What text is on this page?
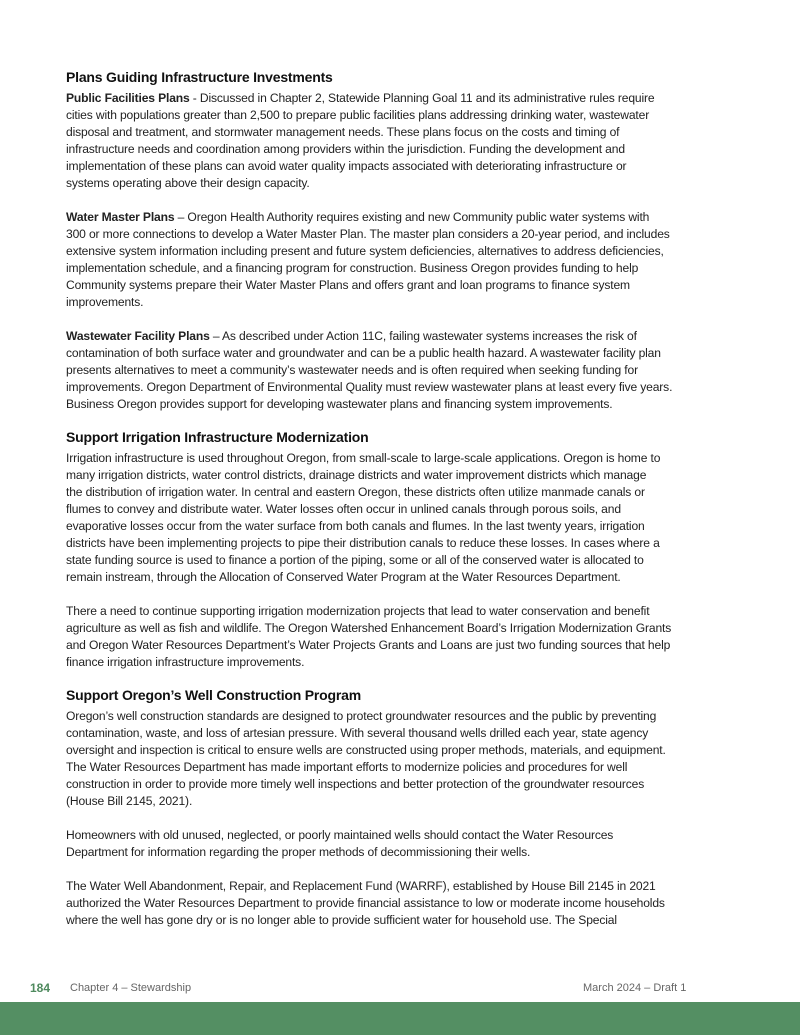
Plans Guiding Infrastructure Investments
Public Facilities Plans - Discussed in Chapter 2, Statewide Planning Goal 11 and its administrative rules require
cities with populations greater than 2,500 to prepare public facilities plans addressing drinking water, wastewater
disposal and treatment, and stormwater management needs. These plans focus on the costs and timing of
infrastructure needs and coordination among providers within the jurisdiction. Funding the development and
implementation of these plans can avoid water quality impacts associated with deteriorating infrastructure or
systems operating above their design capacity.
Water Master Plans – Oregon Health Authority requires existing and new Community public water systems with
300 or more connections to develop a Water Master Plan. The master plan considers a 20-year period, and includes
extensive system information including present and future system deficiencies, alternatives to address deficiencies,
implementation schedule, and a financing program for construction. Business Oregon provides funding to help
Community systems prepare their Water Master Plans and offers grant and loan programs to finance system
improvements.
Wastewater Facility Plans – As described under Action 11C, failing wastewater systems increases the risk of
contamination of both surface water and groundwater and can be a public health hazard. A wastewater facility plan
presents alternatives to meet a community’s wastewater needs and is often required when seeking funding for
improvements. Oregon Department of Environmental Quality must review wastewater plans at least every five years.
Business Oregon provides support for developing wastewater plans and financing system improvements.
Support Irrigation Infrastructure Modernization
Irrigation infrastructure is used throughout Oregon, from small-scale to large-scale applications. Oregon is home to
many irrigation districts, water control districts, drainage districts and water improvement districts which manage
the distribution of irrigation water. In central and eastern Oregon, these districts often utilize manmade canals or
flumes to convey and distribute water. Water losses often occur in unlined canals through porous soils, and
evaporative losses occur from the water surface from both canals and flumes. In the last twenty years, irrigation
districts have been implementing projects to pipe their distribution canals to reduce these losses. In cases where a
state funding source is used to finance a portion of the piping, some or all of the conserved water is allocated to
remain instream, through the Allocation of Conserved Water Program at the Water Resources Department.
There a need to continue supporting irrigation modernization projects that lead to water conservation and benefit
agriculture as well as fish and wildlife. The Oregon Watershed Enhancement Board’s Irrigation Modernization Grants
and Oregon Water Resources Department’s Water Projects Grants and Loans are just two funding sources that help
finance irrigation infrastructure improvements.
Support Oregon’s Well Construction Program
Oregon’s well construction standards are designed to protect groundwater resources and the public by preventing
contamination, waste, and loss of artesian pressure. With several thousand wells drilled each year, state agency
oversight and inspection is critical to ensure wells are constructed using proper methods, materials, and equipment.
The Water Resources Department has made important efforts to modernize policies and procedures for well
construction in order to provide more timely well inspections and better protection of the groundwater resources
(House Bill 2145, 2021).
Homeowners with old unused, neglected, or poorly maintained wells should contact the Water Resources
Department for information regarding the proper methods of decommissioning their wells.
The Water Well Abandonment, Repair, and Replacement Fund (WARRF), established by House Bill 2145 in 2021
authorized the Water Resources Department to provide financial assistance to low or moderate income households
where the well has gone dry or is no longer able to provide sufficient water for household use. The Special
184 Chapter 4 – Stewardship	March 2024 – Draft 1
